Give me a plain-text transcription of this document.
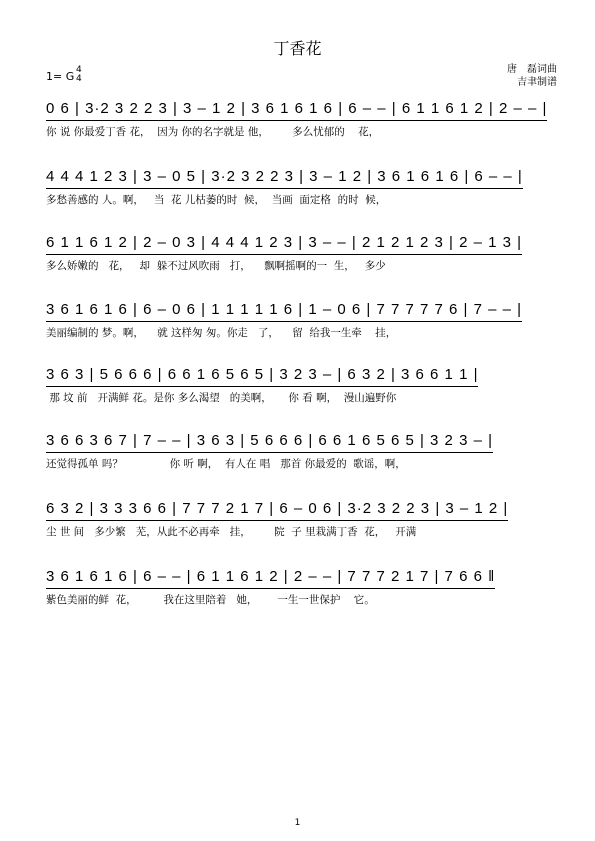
丁香花
唐　磊词曲
吉聿制谱
1= G 4
4
0 6 | 3·2 3 2 2 3 | 3 – 1 2 | 3 6 1 6 1 6 | 6 – – | 6 1 1 6 1 2 | 2 – – |
你 说 你最爱丁香 花，  因为 你的名字就是 他，       多么忧郁的    花，
4 4 4 1 2 3 | 3 – 0 5 | 3·2 3 2 2 3 | 3 – 1 2 | 3 6 1 6 1 6 | 6 – – |
多愁善感的 人。啊，   当  花 儿枯萎的时  候，  当画  面定格  的时  候，
6 1 1 6 1 2 | 2 – 0 3 | 4 4 4 1 2 3 | 3 – – | 2 1 2 1 2 3 | 2 – 1 3 |
多么娇嫩的   花，   却  躲不过风吹雨   打，    飘啊摇啊的一  生，   多少
3 6 1 6 1 6 | 6 – 0 6 | 1 1 1 1 1 6 | 1 – 0 6 | 7 7 7 7 7 6 | 7 – – |
美丽编制的 梦。啊，    就 这样匆 匆。你走   了，    留  给我一生牵    挂，
3 6 3 | 5 6 6 6 | 6 6 1 6 5 6 5 | 3 2 3 – | 6 3 2 | 3 6 6 1 1 |
那 坟 前   开满鲜 花。是你 多么渴望   的美啊，     你 看 啊，  漫山遍野你
3 6 6 3 6 7 | 7 – – | 3 6 3 | 5 6 6 6 | 6 6 1 6 5 6 5 | 3 2 3 – |
还觉得孤单 吗？              你 听 啊，  有人在 唱   那首 你最爱的  歌谣，啊，
6 3 2 | 3 3 3 6 6 | 7 7 7 2 1 7 | 6 – 0 6 | 3·2 3 2 2 3 | 3 – 1 2 |
尘 世 间   多少繁   芜，从此不必再牵   挂，       院  子 里栽满丁香  花，   开满
3 6 1 6 1 6 | 6 – – | 6 1 1 6 1 2 | 2 – – | 7 7 7 2 1 7 | 7 6 6 ‖
紫色美丽的鲜  花，        我在这里陪着   她，      一生一世保护    它。
1
